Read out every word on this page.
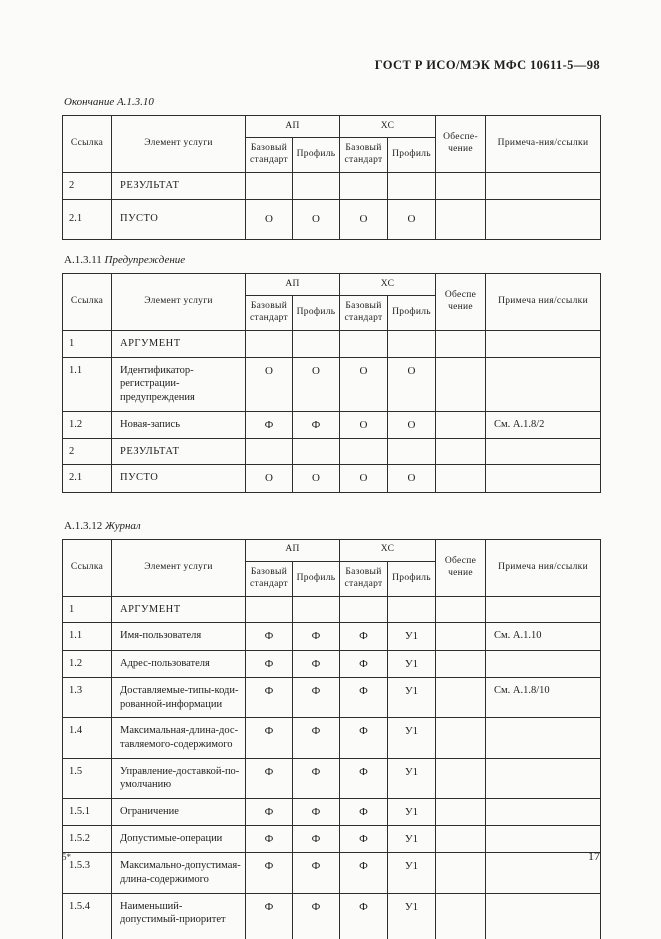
ГОСТ Р ИСО/МЭК МФС 10611-5—98
Окончание А.1.3.10
Ссылка	Элемент услуги	АП		ХС		Обеспе-чение	Примеча-ния/ссылки
		Базовый стандарт	Профиль	Базовый стандарт	Профиль		
2	РЕЗУЛЬТАТ						
2.1	ПУСТО	О	О	О	О		
А.1.3.11 Предупреждение
Ссылка	Элемент услуги	АП		ХС		Обеспе чение	Примеча ния/ссылки
		Базовый стандарт	Профиль	Базовый стандарт	Профиль		
1	АРГУМЕНТ						
1.1	Идентификатор-регистрации-предупреждения	О	О	О	О		
1.2	Новая-запись	Ф	Ф	О	О		См. А.1.8/2
2	РЕЗУЛЬТАТ						
2.1	ПУСТО	О	О	О	О		
А.1.3.12 Журнал
Ссылка	Элемент услуги	АП		ХС		Обеспе чение	Примеча ния/ссылки
		Базовый стандарт	Профиль	Базовый стандарт	Профиль		
1	АРГУМЕНТ						
1.1	Имя-пользователя	Ф	Ф	Ф	У1		См. А.1.10
1.2	Адрес-пользователя	Ф	Ф	Ф	У1		
1.3	Доставляемые-типы-коди-рованной-информации	Ф	Ф	Ф	У1		См. А.1.8/10
1.4	Максимальная-длина-дос-тавляемого-содержимого	Ф	Ф	Ф	У1		
1.5	Управление-доставкой-по-умолчанию	Ф	Ф	Ф	У1		
1.5.1	Ограничение	Ф	Ф	Ф	У1		
1.5.2	Допустимые-операции	Ф	Ф	Ф	У1		
1.5.3	Максимально-допустимая-длина-содержимого	Ф	Ф	Ф	У1		
1.5.4	Наименьший-допустимый-приоритет	Ф	Ф	Ф	У1		
5*	17
